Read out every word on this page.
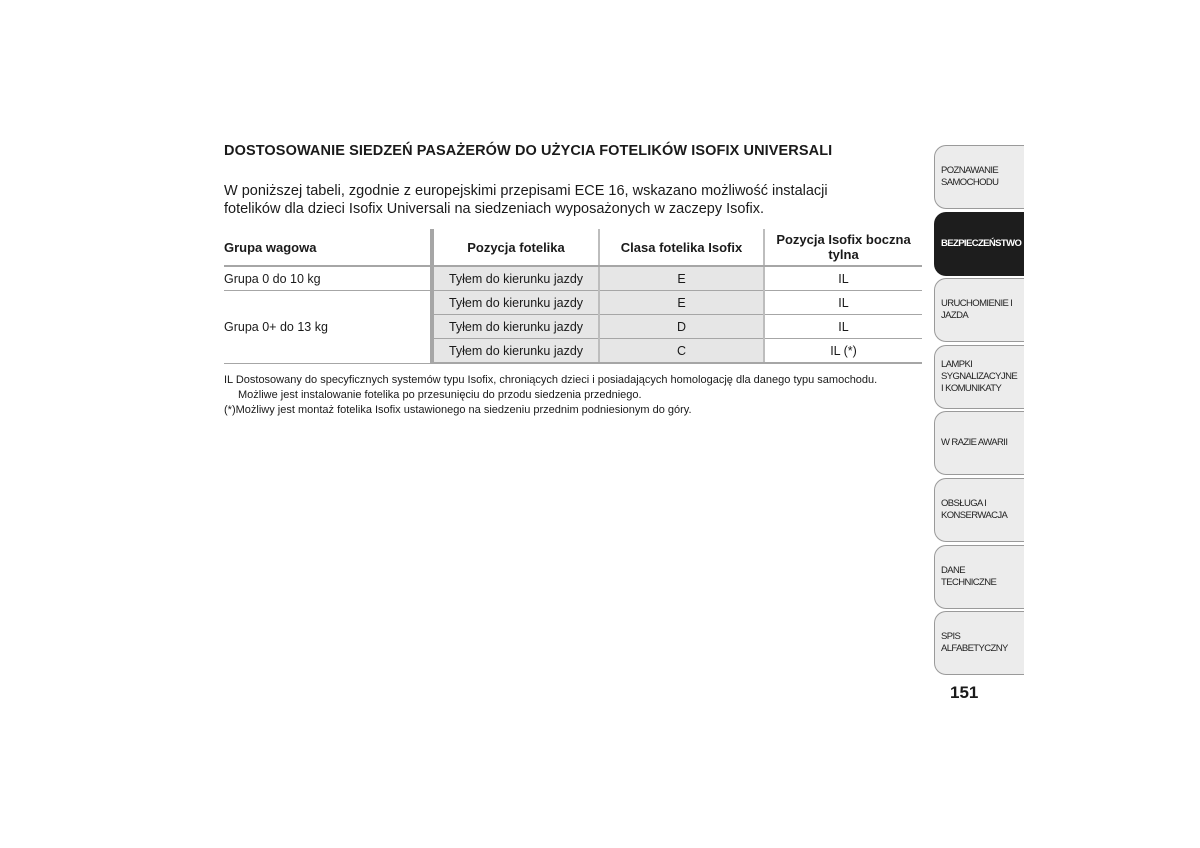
DOSTOSOWANIE SIEDZEŃ PASAŻERÓW DO UŻYCIA FOTELIKÓW ISOFIX UNIVERSALI
W poniższej tabeli, zgodnie z europejskimi przepisami ECE 16, wskazano możliwość instalacji fotelików dla dzieci Isofix Universali na siedzeniach wyposażonych w zaczepy Isofix.
Grupa wagowa	Pozycja fotelika	Clasa fotelika Isofix	Pozycja Isofix boczna tylna
Grupa 0 do 10 kg	Tyłem do kierunku jazdy	E	IL
Grupa 0+ do 13 kg	Tyłem do kierunku jazdy	E	IL
	Tyłem do kierunku jazdy	D	IL
	Tyłem do kierunku jazdy	C	IL (*)

IL Dostosowany do specyficznych systemów typu Isofix, chroniących dzieci i posiadających homologację dla danego typu samochodu.

Możliwe jest instalowanie fotelika po przesunięciu do przodu siedzenia przedniego.

(*)Możliwy jest montaż fotelika Isofix ustawionego na siedzeniu przednim podniesionym do góry.

POZNAWANIE SAMOCHODU
BEZPIECZEŃSTWO
URUCHOMIENIE I JAZDA
LAMPKI SYGNALIZACYJNE I KOMUNIKATY
W RAZIE AWARII
OBSŁUGA I KONSERWACJA
DANE TECHNICZNE
SPIS ALFABETYCZNY
151
